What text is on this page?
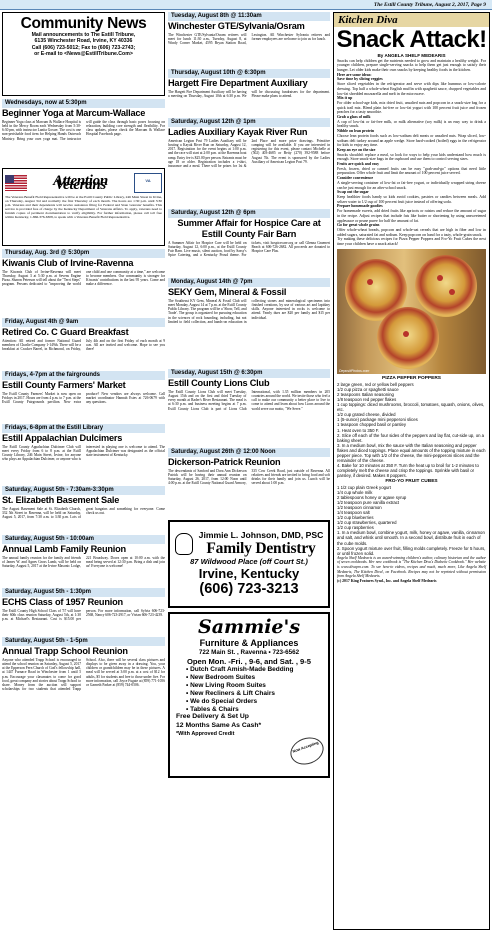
The Estill County Tribune, August 2, 2017, Page 9
Community News
Mail announcements to The Estill Tribune,
6135 Winchester Road, Irvine, KY 40336
Call (606) 723-5012; Fax to (606) 723-2743;
or E-mail to <News@EstillTribune.Com>
Wednesdays, now at 5:30pm
Beginner Yoga at Marcum-Wallace
Beginner Yoga class at Marcum & Wallace Hospital is held in the Mercy Room each Wednesday from 5:30-6:30 pm, with instructor Lanita Gosser. The cost is one non-perishable food item for Helping Hands Outreach Ministry. Bring your own yoga mat. The instructor will guide the class through basic poses focusing on relaxation, building core strength and flexibility. For class updates, please check the Marcum & Wallace Hospital Facebook page.
Attention Veterans	VA
The Veterans Benefit Field Representative will be at the Estill County Public Library, 246 Main Street in Irvine, on Thursday, August 3rd and normally the first Thursday of each month. The hours are 1:30 p.m. until 3:30 p.m. Veterans and their dependents will receive assistance filing for Federal and State veterans' benefits. This service is provided free of charge by the Kentucky Department of Veterans Affairs. To apply, veterans need to furnish copies of pertinent documentation to verify eligibility. For further information, please call toll free within Kentucky, 1-866-376-6308, to speak with a Veterans Benefit Field Representative.
Thursday, Aug. 3rd @ 5:30pm
Kiwanis Club of Irvine-Ravenna
The Kiwanis Club of Irvine-Ravenna will meet Thursday, August 3 at 5:30 p.m. at Sevens Engine Pizza. Sharon Peterson will tell about the "Terri Steps" program. Persons dedicated to "improving the world one child and one community at a time," are welcome to become members. Our community is stronger for Kiwanis' contributions in the last 95 years. Come and make a difference.
Friday, August 4th @ 9am
Retired Co. C Guard Breakfast
Attention: All retired and former National Guard members of Charlie Company 1-149th. There will be a breakfast at Cracker Barrel, in Richmond, on Friday, July 4th and on the first Friday of each month at 9 a.m. All are invited and welcome. Hope to see you there!
Fridays, 4-7pm at the fairgrounds
Estill County Farmers' Market
The Estill County Farmers' Market is now open on Fridays in 2017. Hours are from 4 p.m. to 7 p.m. at the Estill County Fairgrounds pavilion. New extra produce? New vendors are always welcome. Call market coordinator Hannah Estes at 726-0679 with any questions.
Fridays, 6-8pm at the Estill Library
Estill Appalachian Dulcimers
The Estill County Appalachian Dulcimer Club will meet every Friday from 6 to 8 p.m. at the Estill County Library, 246 Main Street, Irvine, for anyone who plays an Appalachian Dulcimer, or anyone who is interested in playing one is welcome to attend. The Appalachian Dulcimer was designated as the official state instrument of Kentucky.
Saturday, August 5th - 7:30am-3:30pm
St. Elizabeth Basement Sale
The August Basement Sale at St. Elizabeth Church, 332 5th Street in Ravenna, will be held on Saturday, August 5, 2017, from 7:30 a.m. to 3:30 p.m. Lots of great bargains and something for everyone. Come check us out.
Saturday, August 5th - 10:00am
Annual Lamb Family Reunion
The annual family reunion for the family and friends of James W. and Agnes Gross Lamb, will be held on Saturday, August 5, 2017 at the Irvine Masonic Lodge, 221 Broadway. Doors open at 10:00 a.m. with the meal being served at 12:30 p.m. Bring a dish and join us! Everyone is welcome!
Saturday, August 5th - 1:30pm
ECHS Class of 1957 Reunion
The Estill County High School Class of '57 will have their 60th class reunion Saturday, August 5th, at 1:30 p.m. at Michael's Restaurant. Cost is $15.00 per person. For more information, call Sylvia 606-723-2568, Nancy 606-723-2917, or Vivian 606-723-4239.
Saturday, August 5th - 1-5pm
Annual Trapp School Reunion
Anyone who attended Trapp School is encouraged to attend the school reunion on Saturday, August 5, 2017 at the Epperson Fern Church of God's fellowship hall, at 1447 Furnace Road in Winchester from 1 until 5 p.m. Encourage your classmates to come for good food, great company and stories about Trapp School to share. Money from the auction will support scholarships for two students that attended Trapp School. Also, there will be several class pictures and displays to be given away in a drawing. You, your children or grandchildren may be in these pictures. A meal will be served at 3:00 p.m. at a cost of $12 for adults, $5 for students and free to those under five. For more information, call Joyce Fugate at (859) 771-1056 or Garneth Parker at (859) 744-0506.
Tuesday, August 8th @ 11:30am
Winchester GTE/Sylvania/Osram
The Winchester GTE/Sylvania/Osram retirees will meet for lunch 11:30 a.m., Tuesday, August 8, at Windy Corner Market, 4595 Bryan Station Road, Lexington. All Winchester Sylvania retirees and former employees are welcome to join us for lunch.
Thursday, August 10th @ 6:30pm
Hargett Fire Department Auxiliary
The Hargett Fire Department Auxiliary will be having a meeting on Thursday, August 10th at 6:30 p.m. We will be discussing fundraisers for the department. Please make plans to attend.
Saturday, August 12th @ 1pm
Ladies Auxiliary Kayak River Run
American Legion Post 79 Ladies Auxiliary will be hosting a Kayak River Run on Saturday, August 12, 2017. Registration for the event begins at 1:00 p.m. and the race will start at 2:00 p.m. at the Ravenna boat ramp. Entry fee is $25.00 per person. Entrants must be age 18 or older. Registration includes a t-shirt, insurance and a meal. There will be prizes for 1st & 2nd Place and more prize drawings. Primitive camping will be available. If you are interested in registering for this event, please contact Michelle at (502) 403-4685 or Betty (270) 392-9588 before August 7th. The event is sponsored by the Ladies Auxiliary of American Legion Post 79.
Saturday, August 12th @ 6pm
Summer Affair for Hospice Care at Estill County Fair Barn
A Summer Affair for Hospice Care will be held on Saturday, August 12, 6:00 p.m., at the Estill County Fair Barn. Live music, silent auction, food by Sassy's Spice Catering, and a Kentucky Proud theme. For tickets, visit hospicecare.org or call Glenna Gruenert Beach at 606-726-2682. All proceeds are donated to Hospice Care Plus.
Monday, August 14th @ 7pm
SEKY Gem, Mineral & Fossil
The Southeast KY Gem, Mineral & Fossil Club will meet Monday, August 14 at 7 p.m. at the Estill County Public Library. The program will be a 'Show, Tell, and Trade'. The group is organized for pursuing education in the sciences of rock hounding, including, but not limited to field collection, and hands-on education in collecting stones and mineralogical specimens into finished creations, by use of various art and lapidary skills. Anyone interested in rocks is welcome to attend. Yearly dues are $20 per family and $15 per individual.
Tuesday, August 15th @ 6:30pm
Estill County Lions Club
The Estill County Lions Club will meet Tuesday, August 15th and on the first and third Tuesday of every month at Rader's River Restaurant. The meal is at 6:30 p.m. and business meeting begins at 7 p.m. Estill County Lions Club is part of Lions Club International, with 1.35 million members in 205 countries around the world. We invite those who feel a call to make our community a better place to live to come to attend and learn about how Lions around the world serve our motto, "We Serve."
Saturday, August 26th @ 12:00 Noon
Dickerson-Patrick Reunion
The descendants of Sanford and Dora Ann Dickerson Patrick will be having their annual reunion on Saturday, August 26, 2017, from 12:00 Noon until 4:00 p.m. at the Estill County National Guard Armory, 335 Cow Creek Road, just outside of Ravenna. All relatives and friends are invited to bring food and soft drinks for their family and join us. Lunch will be served about 1:00 p.m.
Jimmie L. Johnson, DMD, PSC
Family Dentistry
87 Wildwood Place (off Court St.)
Irvine, Kentucky
(606) 723-3213
Sammie's
Furniture & Appliances
722 Main St. , Ravenna • 723-6562
Open Mon. -Fri. , 9-6, and Sat. , 9-5
• Dutch Craft Amish-Made Bedding
• New Bedroom Suites
• New Living Room Suites
• New Recliners & Lift Chairs
• We do Special Orders
• Tables & Chairs
Free Delivery & Set Up
12 Months Same As Cash*
*With Approved Credit
Now Accepting
Kitchen Diva
Snack Attack!
By ANGELA SHELF MEDEARIS
Snacks can help children get the nutrients needed to grow and maintain a healthy weight. For younger children, prepare single-serving snacks to help them get just enough to satisfy their hunger. Let older kids make their own snacks by keeping healthy foods in the kitchen.
Here are some ideas:
Save time by slicing veggies
Store sliced vegetables in the refrigerator and serve with dips like hummus or low-calorie dressing. Top half a whole-wheat English muffin with spaghetti sauce, chopped vegetables and low-fat shredded mozzarella and melt in the microwave.
Mix it up
For older school-age kids, mix dried fruit, unsalted nuts and popcorn in a snack-size bag for a quick trail mix. Blend plain fat-free or low-fat yogurt with 100 percent fruit juice and frozen peaches for a tasty smoothie.
Grab a glass of milk
A cup of low-fat or fat-free milk, or milk alternative (soy milk) is an easy way to drink a healthy snack.
Nibble on lean protein
Choose lean protein foods such as low-sodium deli meats or unsalted nuts. Wrap sliced, low-sodium deli turkey around an apple wedge. Store hard-cooked (boiled) eggs in the refrigerator for kids to enjoy any time.
Keep an eye on the size
Snacks shouldn't replace a meal, so look for ways to help your kids understand how much is enough. Store snack-size bags in the cupboard and use them to control serving sizes.
Fruits are quick and easy
Fresh, frozen, dried or canned fruits can be easy "grab-and-go" options that need little preparation. Offer whole fruit and limit the amount of 100 percent juice served.
Consider convenience
A single-serving container of low-fat or fat-free yogurt, or individually wrapped string cheese can be just enough for an after-school snack.
Swap out the sugar
Keep healthier foods handy so kids avoid cookies, pastries or candies between meals. Add seltzer water to 1/2 cup of 100 percent fruit juice instead of offering soda.
Prepare homemade goodies
For homemade sweets, add dried fruits like apricots or raisins and reduce the amount of sugar in the recipe. Adjust recipes that include fats like butter or shortening by using unsweetened applesauce or prune puree for half the amount of fat.
Go for great whole grains
Offer whole-wheat breads, popcorn and whole-oat cereals that are high in fiber and low in added sugars, saturated fat and sodium. Keep popcorn on hand for a tasty, whole-grain snack.
Try making these delicious recipes for Pizza Pepper Poppers and Fro-Yo Fruit Cubes the next time your children have a snack attack!
DepositPhotos.com
PIZZA PEPPER POPPERS
2 large green, red or yellow bell peppers
1/2 cup pizza or spaghetti sauce
2 teaspoons Italian seasoning
1/8 teaspoon red pepper flakes
1 cup toppings: diced mushrooms, broccoli, tomatoes, squash, onions, olives, etc.
1/2 cup grated cheese, divided
1 (5-ounce) package mini pepperoni slices
1 teaspoon chopped basil or parsley
1. Heat oven to 350 F.
2. Slice off each of the four sides of the peppers and lay flat, cut-side up, on a baking sheet.
3. In a medium bowl, mix the sauce with the Italian seasoning and pepper flakes and diced toppings. Place equal amounts of the topping mixture in each pepper piece. Top with 1/2 of the cheese, the mini-pepperoni slices and the remainder of the cheese.
4. Bake for 10 minutes at 350 F. Turn the heat up to broil for 1-2 minutes to completely melt the cheese and crisp the toppings. Sprinkle with basil or parsley, if desired. Makes 8 poppers.
FRO-YO FRUIT CUBES
1 1/2 cup plain Greek yogurt
1/4 cup whole milk
2 tablespoons honey or agave syrup
1/2 teaspoon pure vanilla extract
1/2 teaspoon cinnamon
1/4 teaspoon salt
1/2 cup blueberries
1/2 cup strawberries, quartered
1/2 cup raspberries
1. In a medium bowl, combine yogurt, milk, honey or agave, vanilla, cinnamon and salt, and whisk until smooth. In a second bowl, distribute fruit in each of the cube molds.
2. Spoon yogurt mixture over fruit, filling molds completely. Freeze for 5 hours, or until frozen solid.
Angela Shelf Medearis is an award-winning children's author, culinary historian and the author of seven cookbooks. Her new cookbook is "The Kitchen Diva's Diabetic Cookbook." Her website is www.divapro.com. To see how-to videos, recipes and much, much more, Like Angela Shelf Medearis, The Kitchen Diva!, on Facebook. Recipes may not be reprinted without permission from Angela Shelf Medearis.
(c) 2017 King Features Synd., Inc. and Angela Shelf Medearis
